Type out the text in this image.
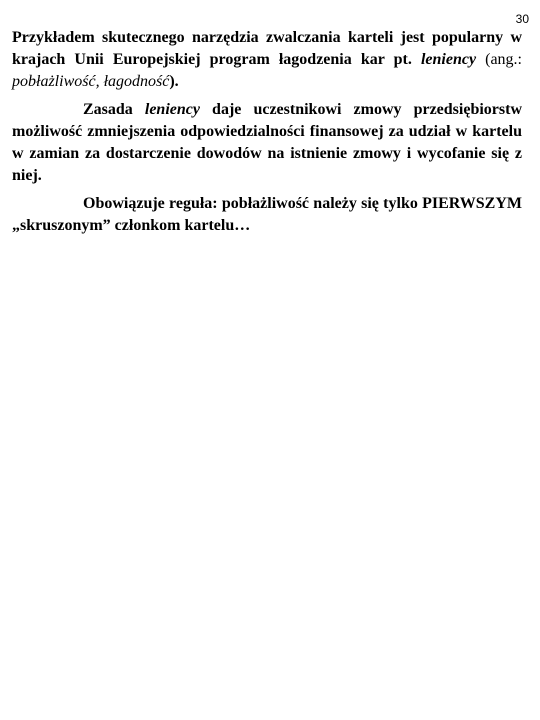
30

Przykładem skutecznego narzędzia zwalczania karteli jest popularny w krajach Unii Europejskiej program łagodzenia kar pt. leniency (ang.: pobłażliwość, łagodność).

Zasada leniency daje uczestnikowi zmowy przedsiębiorstw możliwość zmniejszenia odpowiedzialności finansowej za udział w kartelu w zamian za dostarczenie dowodów na istnienie zmowy i wycofanie się z niej.

Obowiązuje reguła: pobłażliwość należy się tylko PIERWSZYM „skruszonym” członkom kartelu…
